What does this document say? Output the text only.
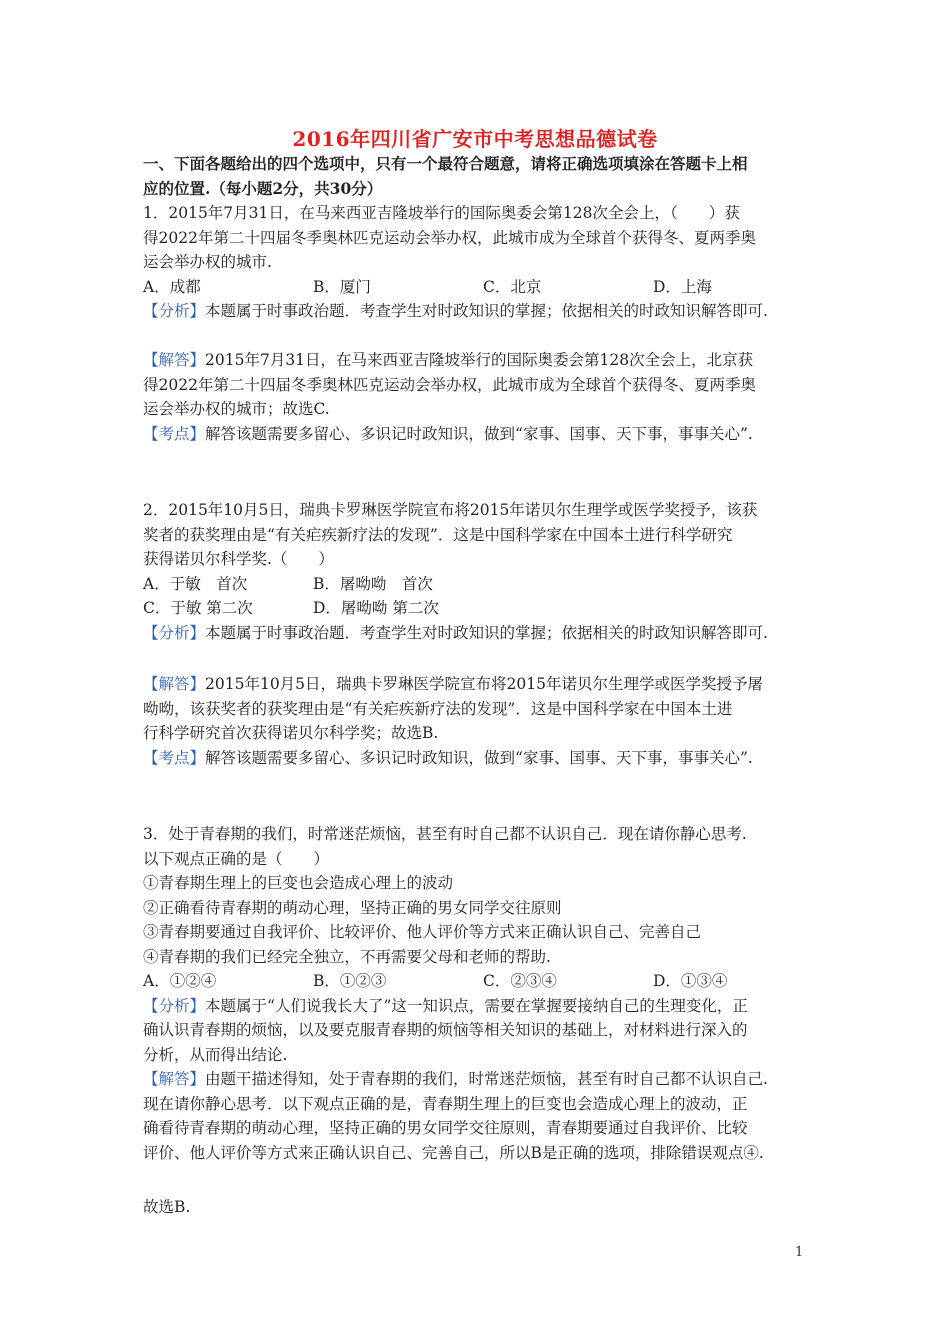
2016年四川省广安市中考思想品德试卷
一、下面各题给出的四个选项中，只有一个最符合题意，请将正确选项填涂在答题卡上相
应的位置.（每小题2分，共30分）
1．2015年7月31日，在马来西亚吉隆坡举行的国际奥委会第128次全会上，（　　）获
得2022年第二十四届冬季奥林匹克运动会举办权，此城市成为全球首个获得冬、夏两季奥
运会举办权的城市.
A．成都	B．厦门	C．北京	D．上海
【分析】本题属于时事政治题．考查学生对时政知识的掌握；依据相关的时政知识解答即可.
【解答】2015年7月31日，在马来西亚吉隆坡举行的国际奥委会第128次全会上，北京获
得2022年第二十四届冬季奥林匹克运动会举办权，此城市成为全球首个获得冬、夏两季奥
运会举办权的城市；故选C.
【考点】解答该题需要多留心、多识记时政知识，做到“家事、国事、天下事，事事关心”.
2．2015年10月5日，瑞典卡罗琳医学院宣布将2015年诺贝尔生理学或医学奖授予，该获
奖者的获奖理由是“有关疟疾新疗法的发现”．这是中国科学家在中国本土进行科学研究
获得诺贝尔科学奖.（　　）
A．于敏　首次	B．屠呦呦　首次
C．于敏 第二次	D．屠呦呦 第二次
【分析】本题属于时事政治题．考查学生对时政知识的掌握；依据相关的时政知识解答即可.
【解答】2015年10月5日，瑞典卡罗琳医学院宣布将2015年诺贝尔生理学或医学奖授予屠
呦呦，该获奖者的获奖理由是“有关疟疾新疗法的发现”．这是中国科学家在中国本土进
行科学研究首次获得诺贝尔科学奖；故选B.
【考点】解答该题需要多留心、多识记时政知识，做到“家事、国事、天下事，事事关心”.
3．处于青春期的我们，时常迷茫烦恼，甚至有时自己都不认识自己．现在请你静心思考.
以下观点正确的是（　　）
①青春期生理上的巨变也会造成心理上的波动
②正确看待青春期的萌动心理，坚持正确的男女同学交往原则
③青春期要通过自我评价、比较评价、他人评价等方式来正确认识自己、完善自己
④青春期的我们已经完全独立，不再需要父母和老师的帮助.
A．①②④	B．①②③	C．②③④	D．①③④
【分析】本题属于“人们说我长大了”这一知识点，需要在掌握要接纳自己的生理变化，正
确认识青春期的烦恼，以及要克服青春期的烦恼等相关知识的基础上，对材料进行深入的
分析，从而得出结论.
【解答】由题干描述得知，处于青春期的我们，时常迷茫烦恼，甚至有时自己都不认识自己.
现在请你静心思考．以下观点正确的是，青春期生理上的巨变也会造成心理上的波动，正
确看待青春期的萌动心理，坚持正确的男女同学交往原则，青春期要通过自我评价、比较
评价、他人评价等方式来正确认识自己、完善自己，所以B是正确的选项，排除错误观点④.
故选B.
1
